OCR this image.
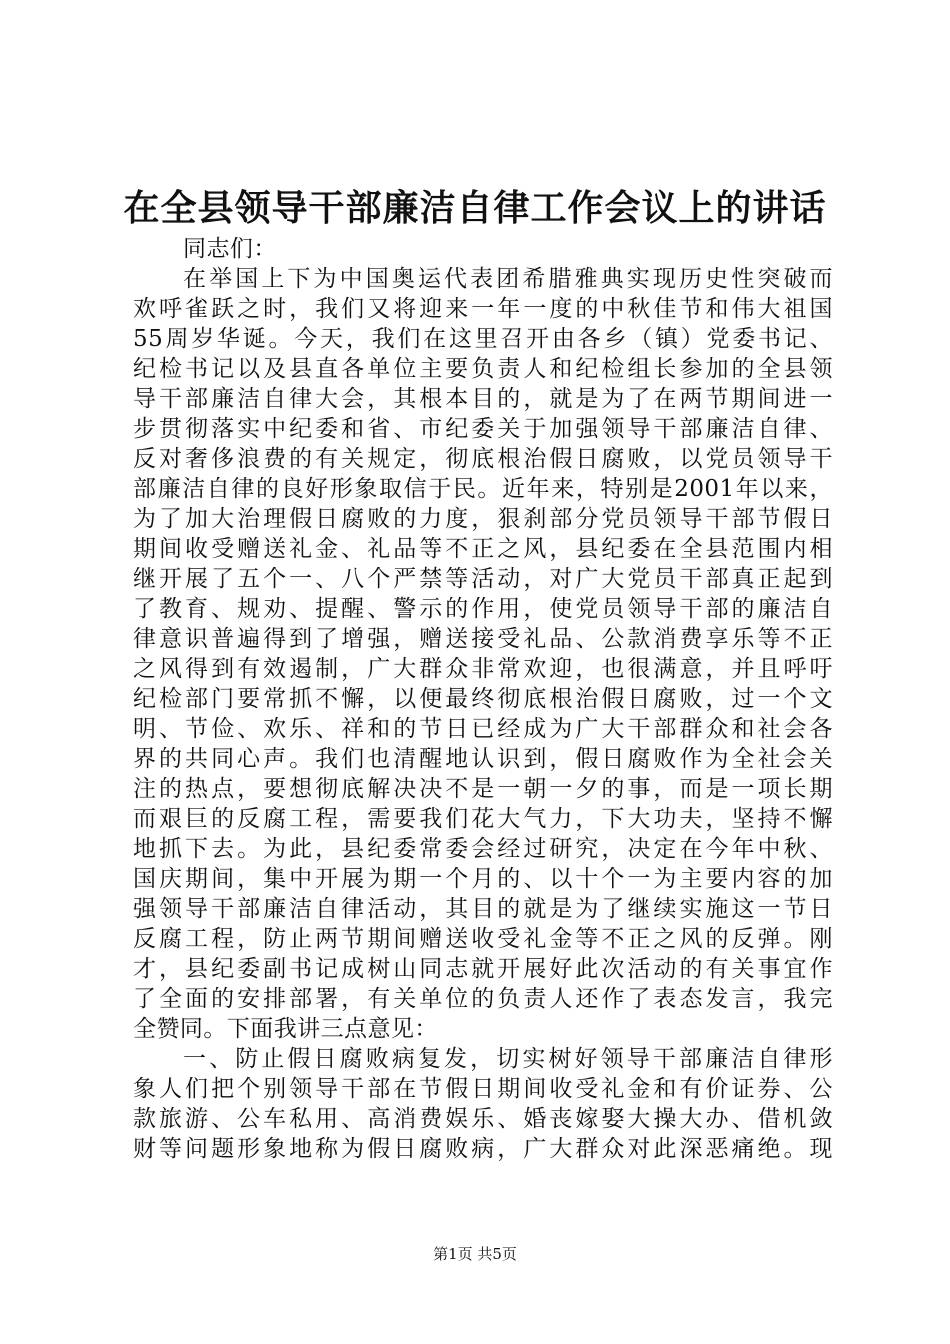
在全县领导干部廉洁自律工作会议上的讲话
同志们：
在举国上下为中国奥运代表团希腊雅典实现历史性突破而
欢呼雀跃之时，我们又将迎来一年一度的中秋佳节和伟大祖国
55周岁华诞。今天，我们在这里召开由各乡（镇）党委书记、
纪检书记以及县直各单位主要负责人和纪检组长参加的全县领
导干部廉洁自律大会，其根本目的，就是为了在两节期间进一
步贯彻落实中纪委和省、市纪委关于加强领导干部廉洁自律、
反对奢侈浪费的有关规定，彻底根治假日腐败，以党员领导干
部廉洁自律的良好形象取信于民。近年来，特别是2001年以来，
为了加大治理假日腐败的力度，狠刹部分党员领导干部节假日
期间收受赠送礼金、礼品等不正之风，县纪委在全县范围内相
继开展了五个一、八个严禁等活动，对广大党员干部真正起到
了教育、规劝、提醒、警示的作用，使党员领导干部的廉洁自
律意识普遍得到了增强，赠送接受礼品、公款消费享乐等不正
之风得到有效遏制，广大群众非常欢迎，也很满意，并且呼吁
纪检部门要常抓不懈，以便最终彻底根治假日腐败，过一个文
明、节俭、欢乐、祥和的节日已经成为广大干部群众和社会各
界的共同心声。我们也清醒地认识到，假日腐败作为全社会关
注的热点，要想彻底解决决不是一朝一夕的事，而是一项长期
而艰巨的反腐工程，需要我们花大气力，下大功夫，坚持不懈
地抓下去。为此，县纪委常委会经过研究，决定在今年中秋、
国庆期间，集中开展为期一个月的、以十个一为主要内容的加
强领导干部廉洁自律活动，其目的就是为了继续实施这一节日
反腐工程，防止两节期间赠送收受礼金等不正之风的反弹。刚
才，县纪委副书记成树山同志就开展好此次活动的有关事宜作
了全面的安排部署，有关单位的负责人还作了表态发言，我完
全赞同。下面我讲三点意见：
一、防止假日腐败病复发，切实树好领导干部廉洁自律形
象人们把个别领导干部在节假日期间收受礼金和有价证券、公
款旅游、公车私用、高消费娱乐、婚丧嫁娶大操大办、借机敛
财等问题形象地称为假日腐败病，广大群众对此深恶痛绝。现
第1页 共5页
